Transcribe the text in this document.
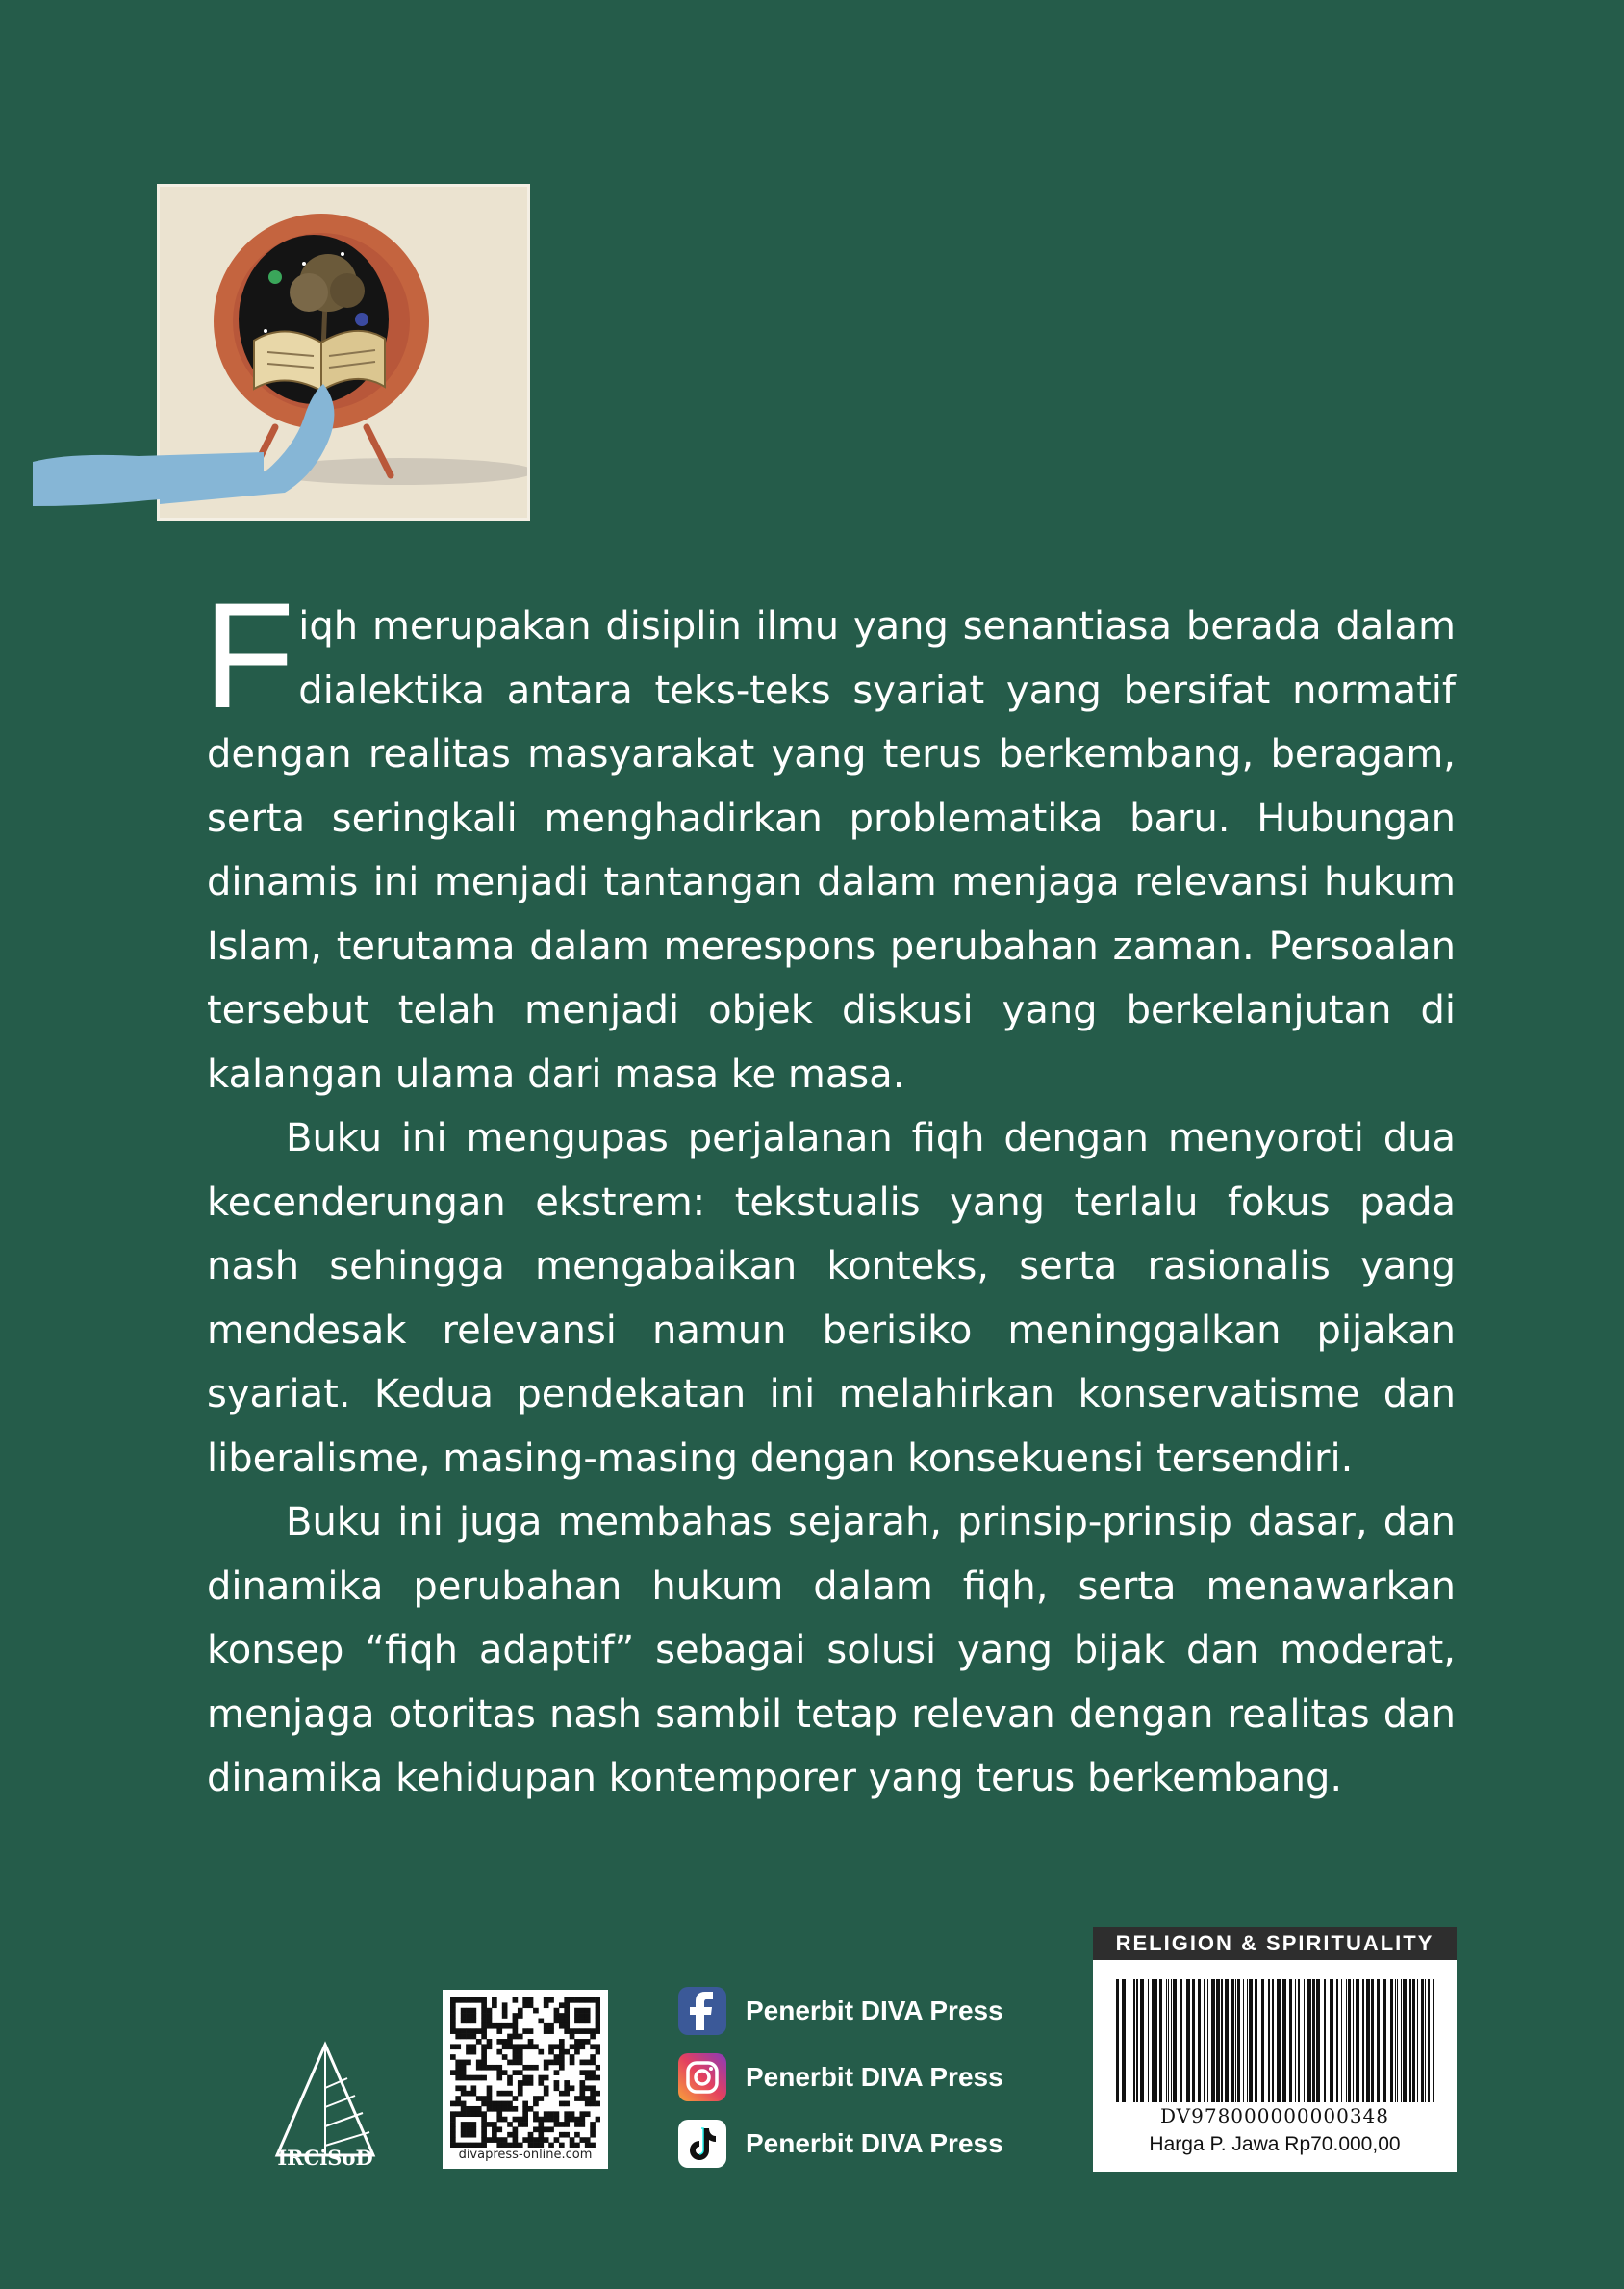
Fiqh merupakan disiplin ilmu yang senantiasa berada dalam dialektika antara teks-teks syariat yang bersifat normatif dengan realitas masyarakat yang terus berkembang, beragam, serta seringkali menghadirkan problematika baru. Hubungan dinamis ini menjadi tantangan dalam menjaga relevansi hukum Islam, terutama dalam merespons perubahan zaman. Persoalan tersebut telah menjadi objek diskusi yang berkelanjutan di kalangan ulama dari masa ke masa.

Buku ini mengupas perjalanan fiqh dengan menyoroti dua kecenderungan ekstrem: tekstualis yang terlalu fokus pada nash sehingga mengabaikan konteks, serta rasionalis yang mendesak relevansi namun berisiko meninggalkan pijakan syariat. Kedua pendekatan ini melahirkan konservatisme dan liberalisme, masing-masing dengan konsekuensi tersendiri.

Buku ini juga membahas sejarah, prinsip-prinsip dasar, dan dinamika perubahan hukum dalam fiqh, serta menawarkan konsep “fiqh adaptif” sebagai solusi yang bijak dan moderat, menjaga otoritas nash sambil tetap relevan dengan realitas dan dinamika kehidupan kontemporer yang terus berkembang.

IRCiSoD	divapress-online.com
Penerbit DIVA Press
Penerbit DIVA Press
Penerbit DIVA Press
RELIGION & SPIRITUALITY
DV978000000000348
Harga P. Jawa Rp70.000,00
